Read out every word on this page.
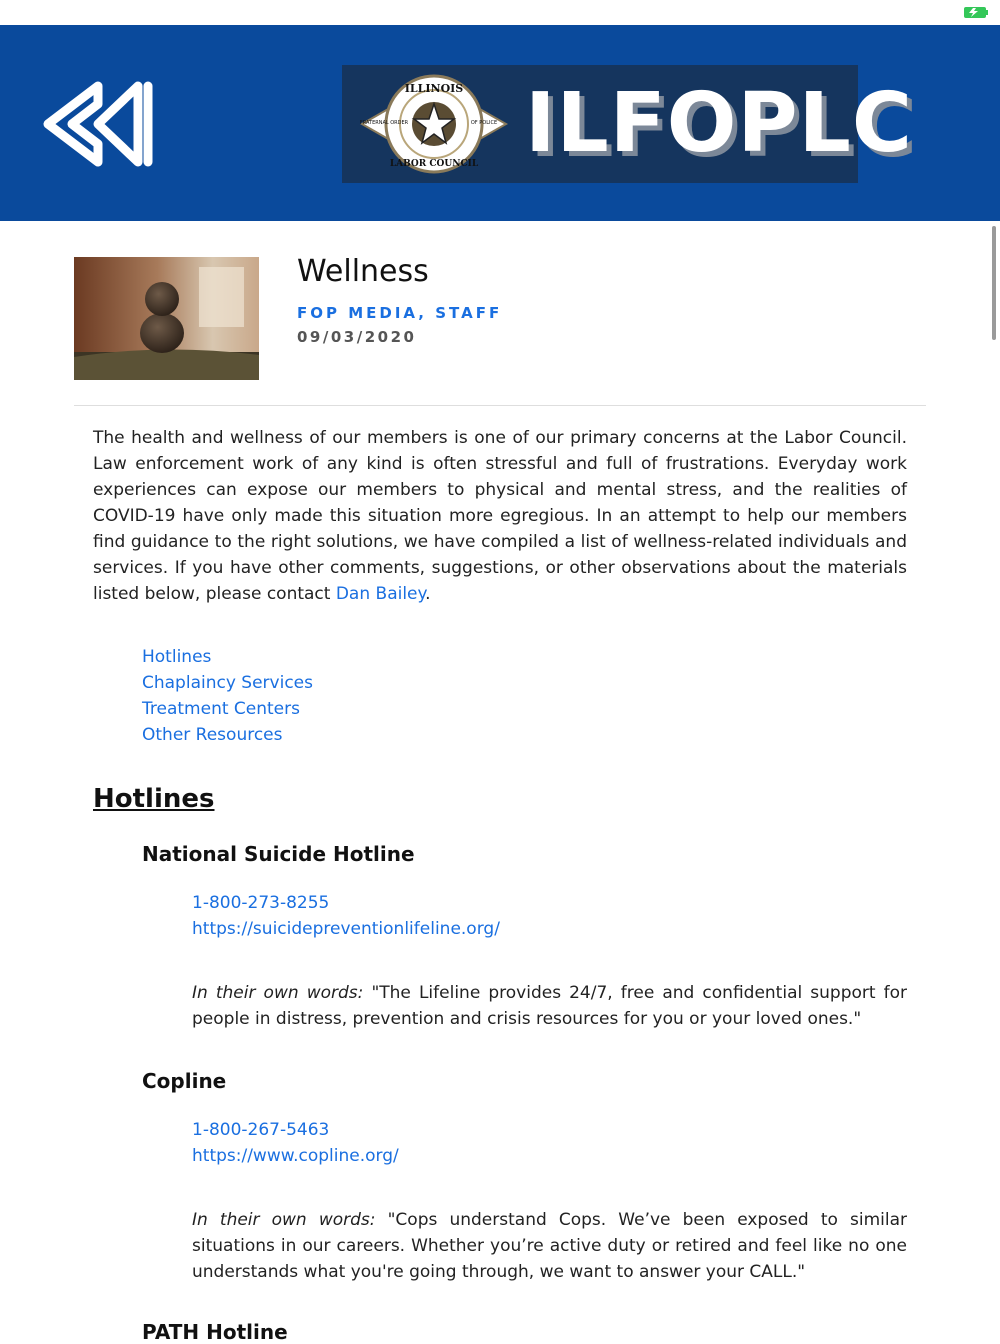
ILLINOIS
LABOR COUNCIL
FRATERNAL ORDER	OF POLICE ILFOPLC
Wellness
FOP MEDIA, STAFF
09/03/2020

The health and wellness of our members is one of our primary concerns at the Labor Council. Law enforcement work of any kind is often stressful and full of frustrations. Everyday work experiences can expose our members to physical and mental stress, and the realities of COVID-19 have only made this situation more egregious. In an attempt to help our members find guidance to the right solutions, we have compiled a list of wellness-related individuals and services. If you have other comments, suggestions, or other observations about the materials listed below, please contact Dan Bailey.

Hotlines
Chaplaincy Services
Treatment Centers
Other Resources
Hotlines
National Suicide Hotline
1-800-273-8255
https://suicidepreventionlifeline.org/

In their own words: "The Lifeline provides 24/7, free and confidential support for people in distress, prevention and crisis resources for you or your loved ones."

Copline
1-800-267-5463
https://www.copline.org/

In their own words: "Cops understand Cops. We’ve been exposed to similar situations in our careers. Whether you’re active duty or retired and feel like no one understands what you're going through, we want to answer your CALL."

PATH Hotline
